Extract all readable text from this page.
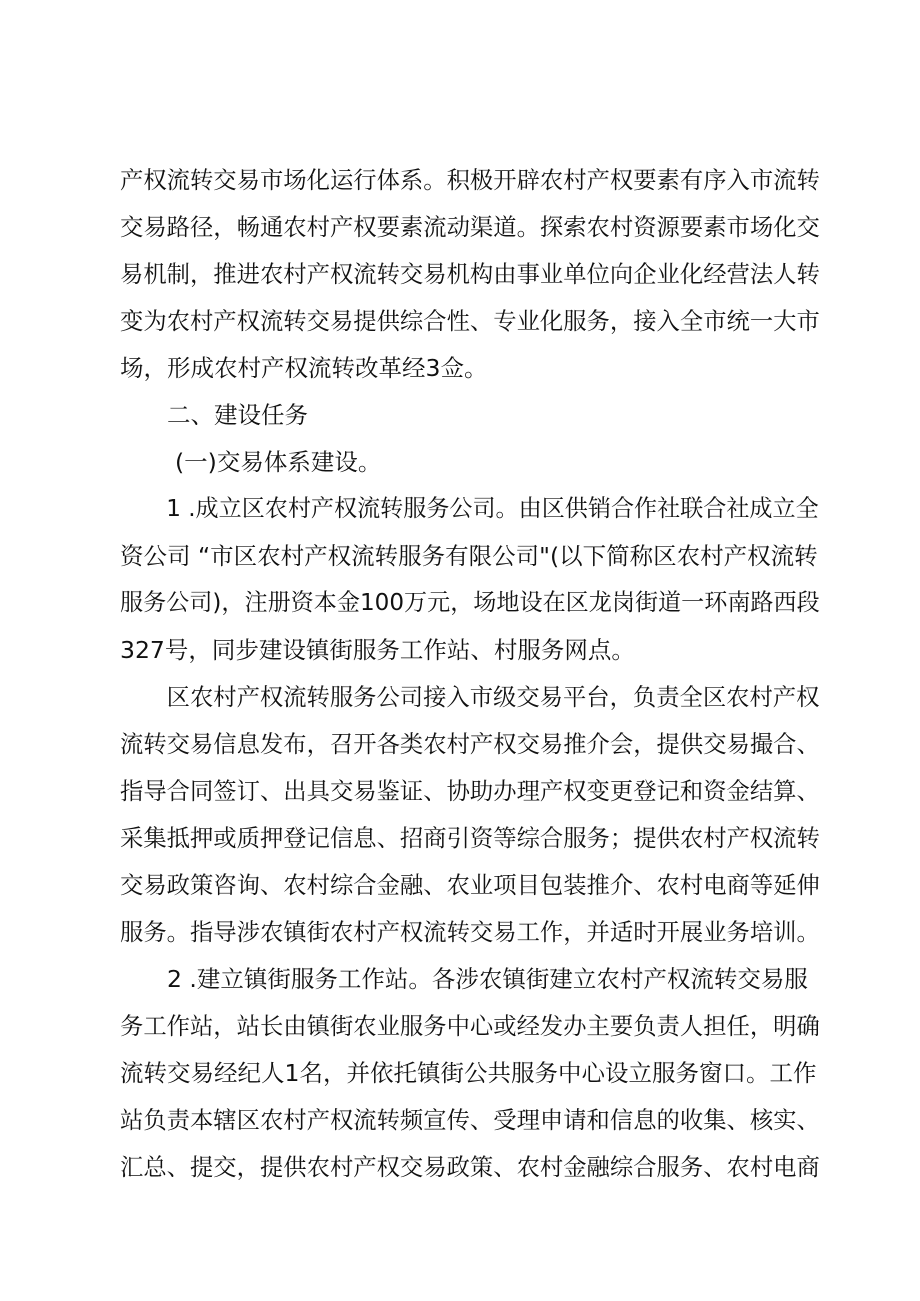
产权流转交易市场化运行体系。积极开辟农村产权要素有序入市流转
交易路径，畅通农村产权要素流动渠道。探索农村资源要素市场化交
易机制，推进农村产权流转交易机构由事业单位向企业化经营法人转
变为农村产权流转交易提供综合性、专业化服务，接入全市统一大市
场，形成农村产权流转改革经3佥。

二、建设任务

(一)交易体系建设。

1 .成立区农村产权流转服务公司。由区供销合作社联合社成立全
资公司 “市区农村产权流转服务有限公司"(以下简称区农村产权流转
服务公司)，注册资本金100万元，场地设在区龙岗街道一环南路西段
327号，同步建设镇街服务工作站、村服务网点。

区农村产权流转服务公司接入市级交易平台，负责全区农村产权
流转交易信息发布，召开各类农村产权交易推介会，提供交易撮合、
指导合同签订、出具交易鉴证、协助办理产权变更登记和资金结算、
采集抵押或质押登记信息、招商引资等综合服务；提供农村产权流转
交易政策咨询、农村综合金融、农业项目包装推介、农村电商等延伸
服务。指导涉农镇街农村产权流转交易工作，并适时开展业务培训。

2 .建立镇街服务工作站。各涉农镇街建立农村产权流转交易服
务工作站，站长由镇街农业服务中心或经发办主要负责人担任，明确
流转交易经纪人1名，并依托镇街公共服务中心设立服务窗口。工作
站负责本辖区农村产权流转频宣传、受理申请和信息的收集、核实、
汇总、提交，提供农村产权交易政策、农村金融综合服务、农村电商
